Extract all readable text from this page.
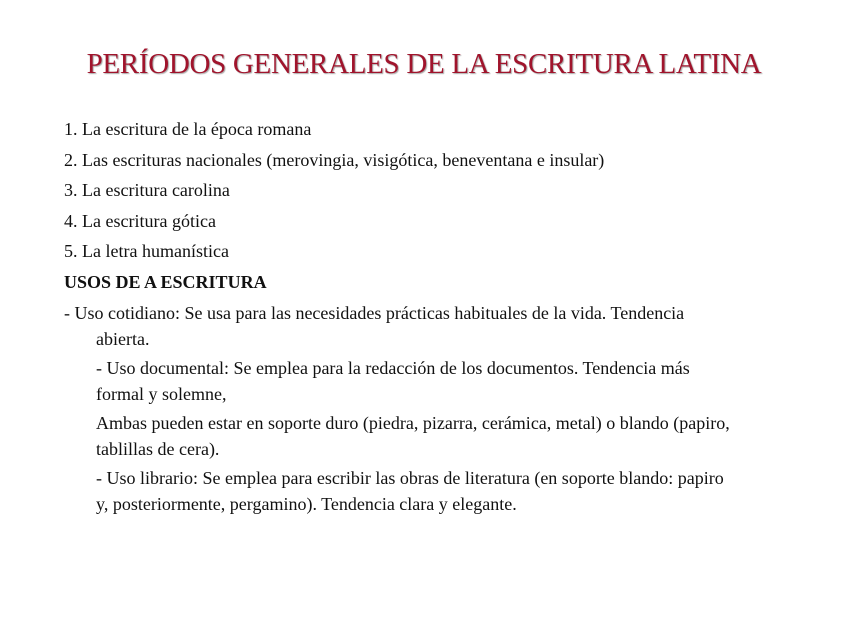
PERÍODOS GENERALES DE LA ESCRITURA LATINA
1. La escritura de la época romana
2. Las escrituras nacionales (merovingia, visigótica, beneventana e insular)
3. La escritura carolina
4. La escritura gótica
5. La letra humanística
USOS DE A ESCRITURA
- Uso cotidiano: Se usa para las necesidades prácticas habituales de la vida. Tendencia
abierta.
- Uso documental: Se emplea para la redacción de los documentos. Tendencia más
formal y solemne,
Ambas pueden estar en soporte duro (piedra, pizarra, cerámica, metal) o blando (papiro,
tablillas de cera).
- Uso librario: Se emplea para escribir las obras de literatura (en soporte blando: papiro
y, posteriormente, pergamino). Tendencia clara y elegante.
